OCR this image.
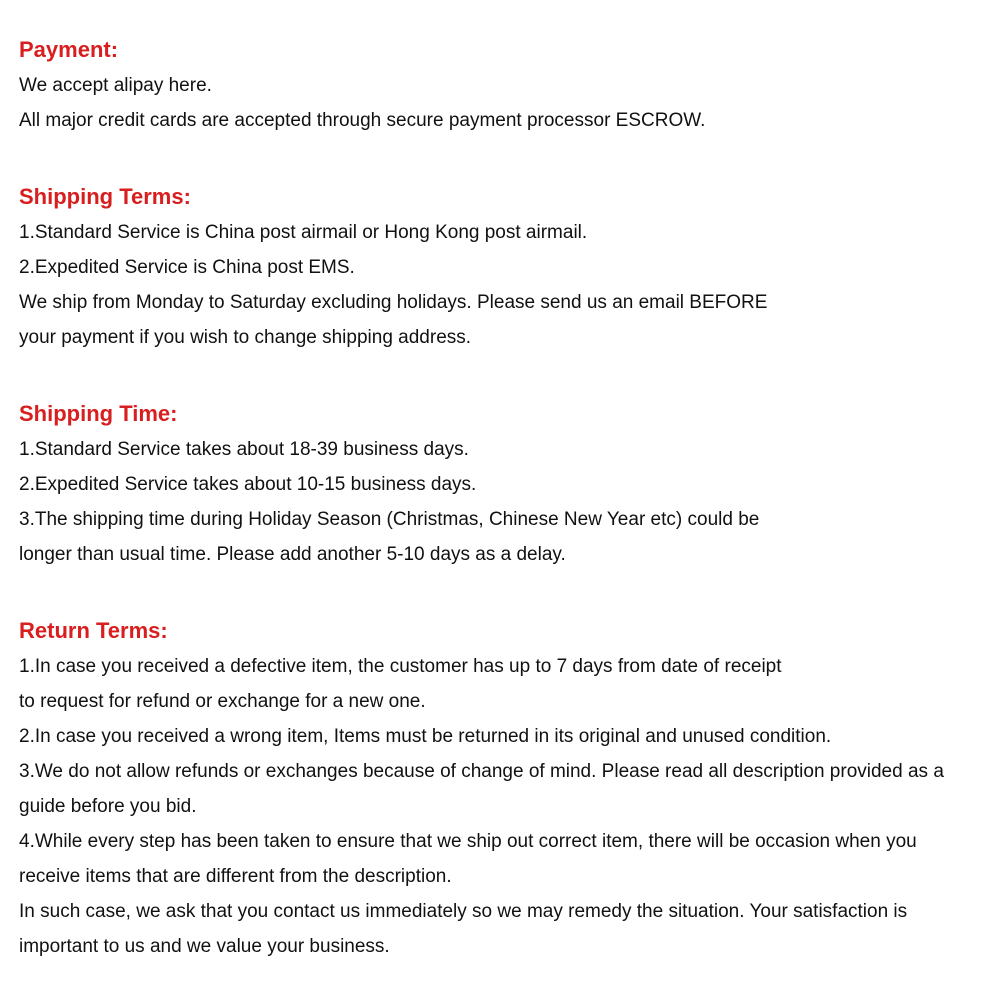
Payment:

We accept alipay here.

All major credit cards are accepted through secure payment processor ESCROW.

Shipping Terms:

1.Standard Service is China post airmail or Hong Kong post airmail.

2.Expedited Service is China post EMS.

We ship from Monday to Saturday excluding holidays. Please send us an email BEFORE

your payment if you wish to change shipping address.

Shipping Time:

1.Standard Service takes about 18-39 business days.

2.Expedited Service takes about 10-15 business days.

3.The shipping time during Holiday Season (Christmas, Chinese New Year etc) could be

longer than usual time. Please add another 5-10 days as a delay.

Return Terms:

1.In case you received a defective item, the customer has up to 7 days from date of receipt

to request for refund or exchange for a new one.

2.In case you received a wrong item, Items must be returned in its original and unused condition.

3.We do not allow refunds or exchanges because of change of mind. Please read all description provided as a

guide before you bid.

4.While every step has been taken to ensure that we ship out correct item, there will be occasion when you

receive items that are different from the description.

In such case, we ask that you contact us immediately so we may remedy the situation. Your satisfaction is

important to us and we value your business.
